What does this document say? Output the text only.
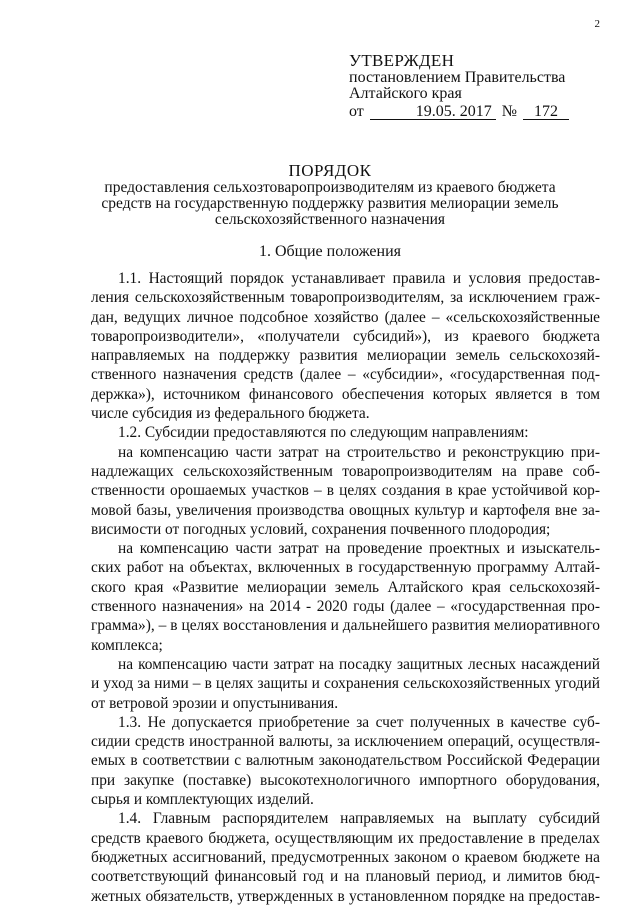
2
УТВЕРЖДЕН
постановлением Правительства
Алтайского края
от	19.05. 2017 №	172
ПОРЯДОК
предоставления сельхозтоваропроизводителям из краевого бюджета
средств на государственную поддержку развития мелиорации земель
сельскохозяйственного назначения
1. Общие положения
1.1. Настоящий порядок устанавливает правила и условия предостав-
ления сельскохозяйственным товаропроизводителям, за исключением граж-
дан, ведущих личное подсобное хозяйство (далее – «сельскохозяйственные
товаропроизводители», «получатели субсидий»), из краевого бюджета
направляемых на поддержку развития мелиорации земель сельскохозяй-
ственного назначения средств (далее – «субсидии», «государственная под-
держка»), источником финансового обеспечения которых является в том
числе субсидия из федерального бюджета.
1.2. Субсидии предоставляются по следующим направлениям:
на компенсацию части затрат на строительство и реконструкцию при-
надлежащих сельскохозяйственным товаропроизводителям на праве соб-
ственности орошаемых участков – в целях создания в крае устойчивой кор-
мовой базы, увеличения производства овощных культур и картофеля вне за-
висимости от погодных условий, сохранения почвенного плодородия;
на компенсацию части затрат на проведение проектных и изыскатель-
ских работ на объектах, включенных в государственную программу Алтай-
ского края «Развитие мелиорации земель Алтайского края сельскохозяй-
ственного назначения» на 2014 - 2020 годы (далее – «государственная про-
грамма»), – в целях восстановления и дальнейшего развития мелиоративного
комплекса;
на компенсацию части затрат на посадку защитных лесных насаждений
и уход за ними – в целях защиты и сохранения сельскохозяйственных угодий
от ветровой эрозии и опустынивания.
1.3. Не допускается приобретение за счет полученных в качестве суб-
сидии средств иностранной валюты, за исключением операций, осуществля-
емых в соответствии с валютным законодательством Российской Федерации
при закупке (поставке) высокотехнологичного импортного оборудования,
сырья и комплектующих изделий.
1.4. Главным распорядителем направляемых на выплату субсидий
средств краевого бюджета, осуществляющим их предоставление в пределах
бюджетных ассигнований, предусмотренных законом о краевом бюджете на
соответствующий финансовый год и на плановый период, и лимитов бюд-
жетных обязательств, утвержденных в установленном порядке на предостав-
